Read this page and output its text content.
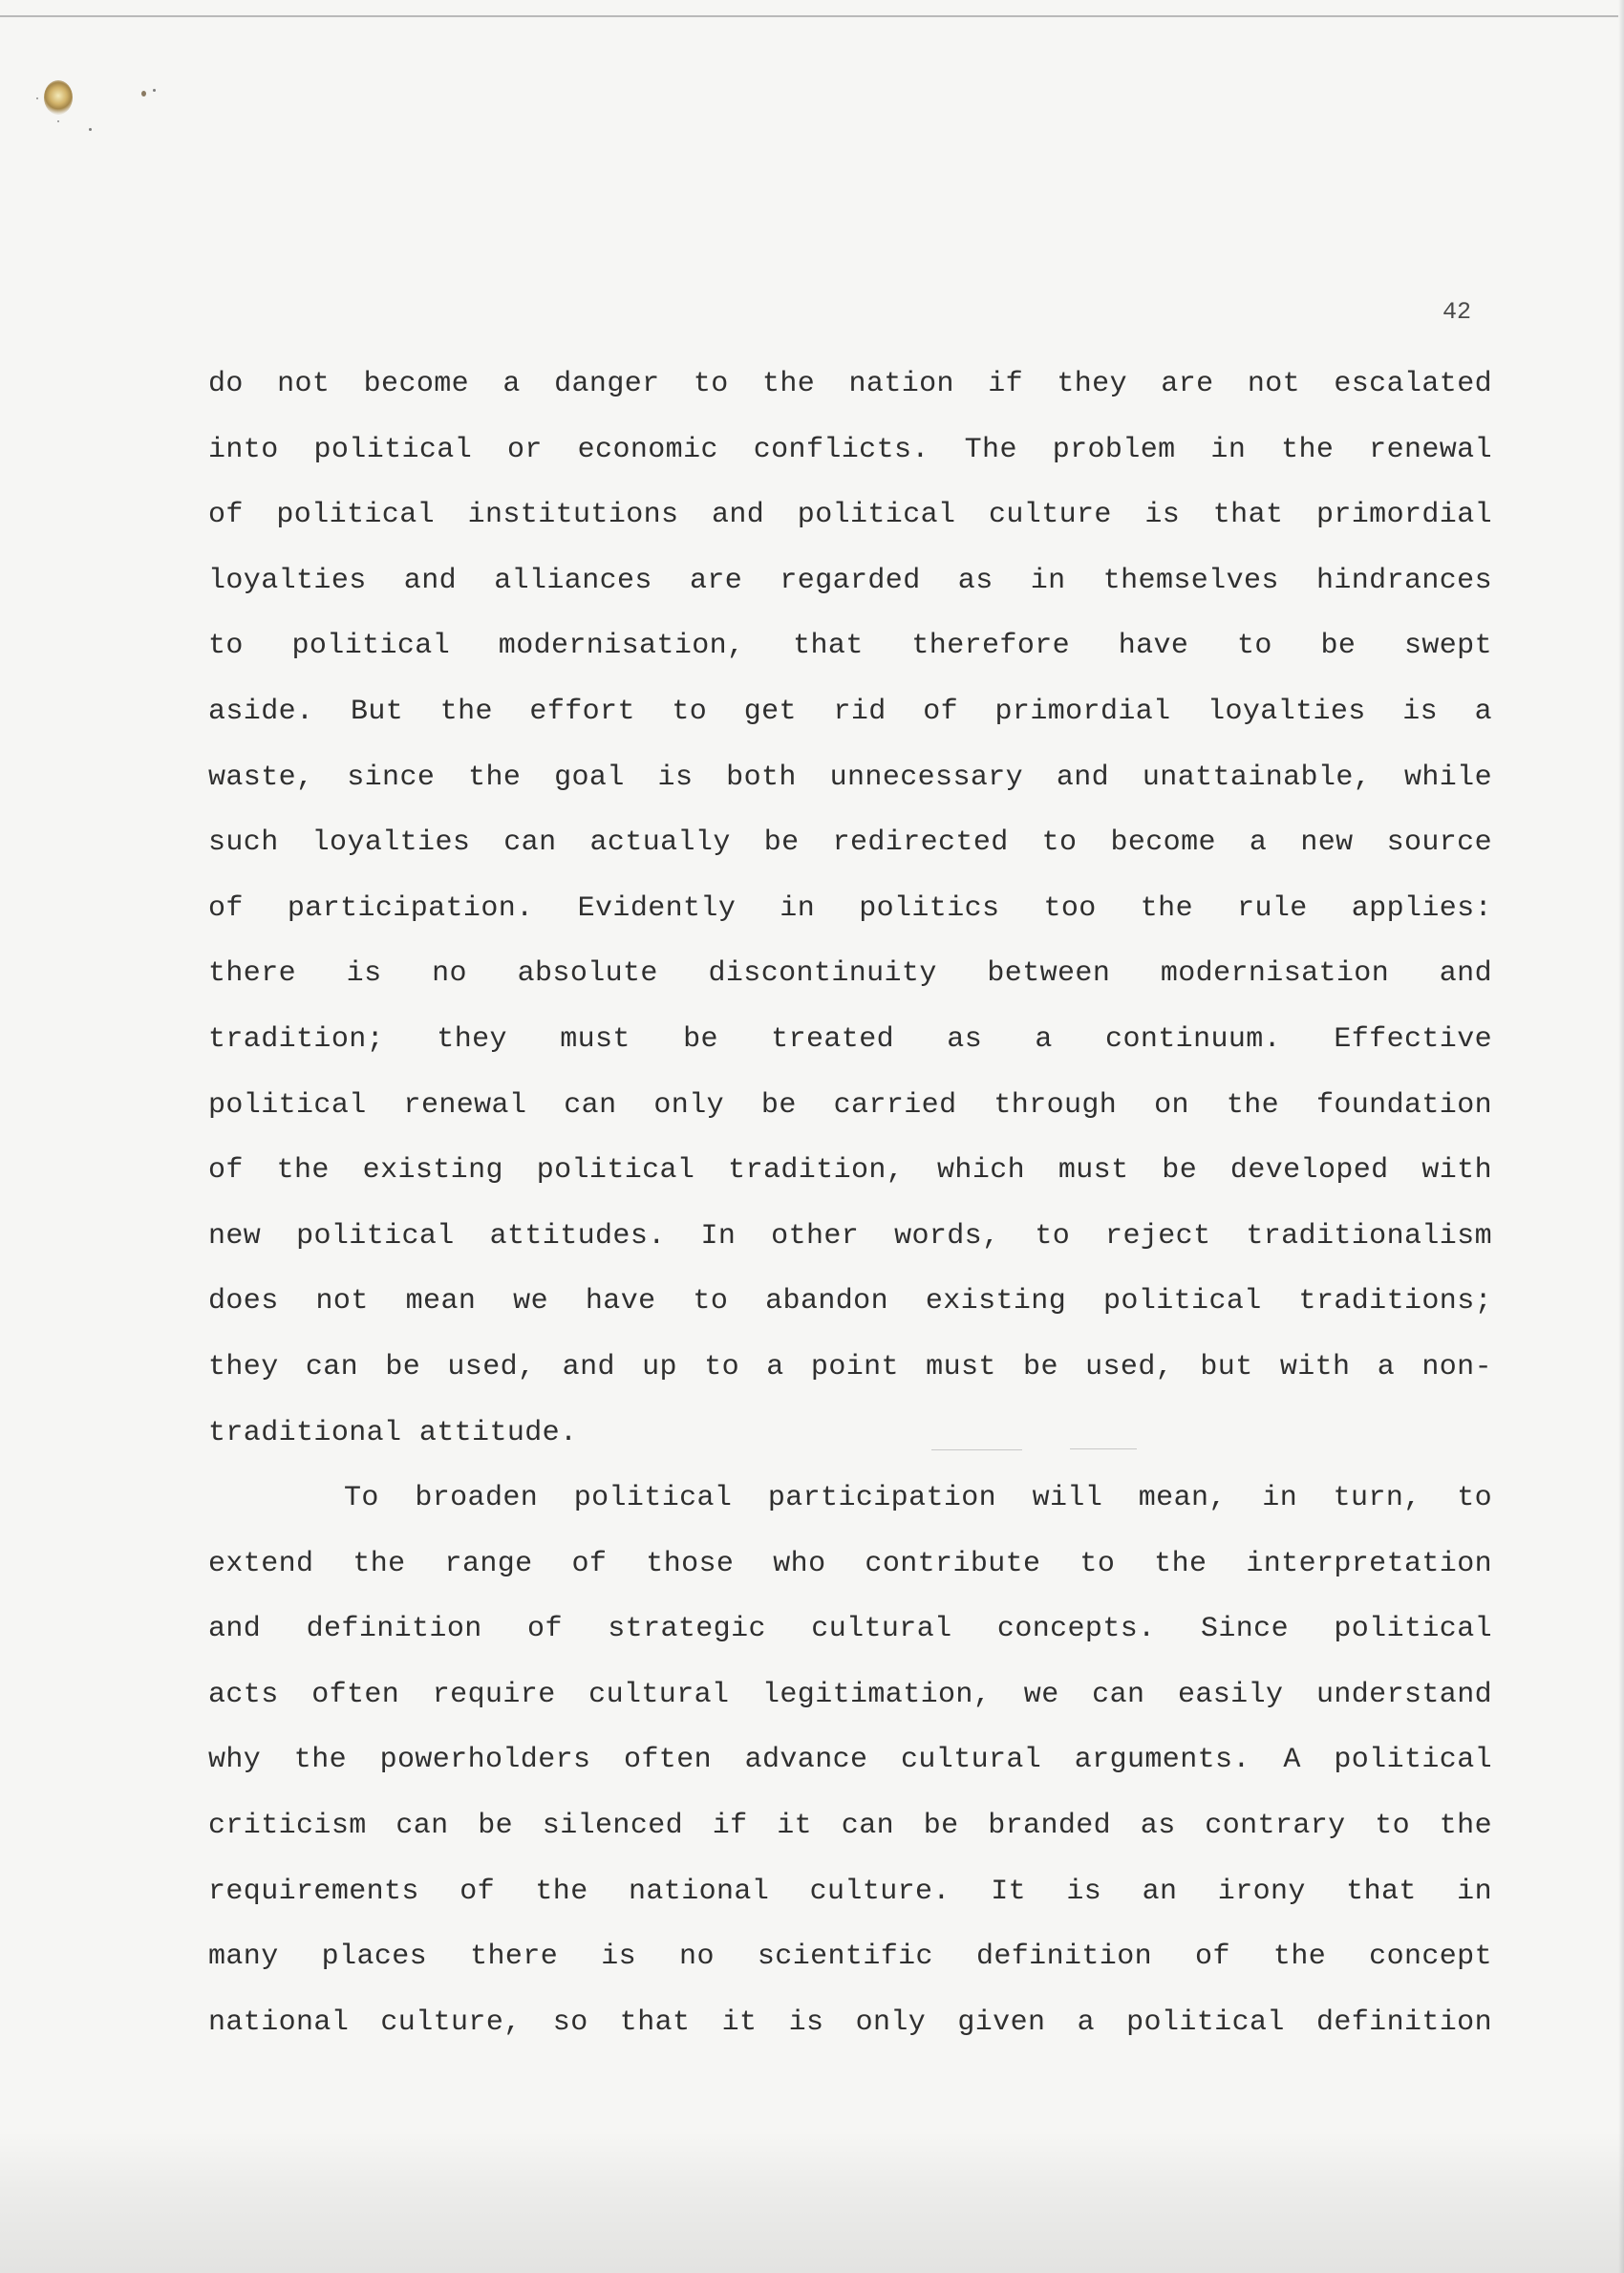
42
do not become a danger to the nation if they are not escalated
into political or economic conflicts. The problem in the renewal
of political institutions and political culture is that primordial
loyalties and alliances are regarded as in themselves hindrances
to political modernisation, that therefore have to be swept
aside. But the effort to get rid of primordial loyalties is a
waste, since the goal is both unnecessary and unattainable, while
such loyalties can actually be redirected to become a new source
of participation. Evidently in politics too the rule applies:
there is no absolute discontinuity between modernisation and
tradition; they must be treated as a continuum. Effective
political renewal can only be carried through on the foundation
of the existing political tradition, which must be developed with
new political attitudes. In other words, to reject traditionalism
does not mean we have to abandon existing political traditions;
they can be used, and up to a point must be used, but with a non-
traditional attitude.
To broaden political participation will mean, in turn, to
extend the range of those who contribute to the interpretation
and definition of strategic cultural concepts. Since political
acts often require cultural legitimation, we can easily understand
why the powerholders often advance cultural arguments. A political
criticism can be silenced if it can be branded as contrary to the
requirements of the national culture. It is an irony that in
many places there is no scientific definition of the concept
national culture, so that it is only given a political definition
